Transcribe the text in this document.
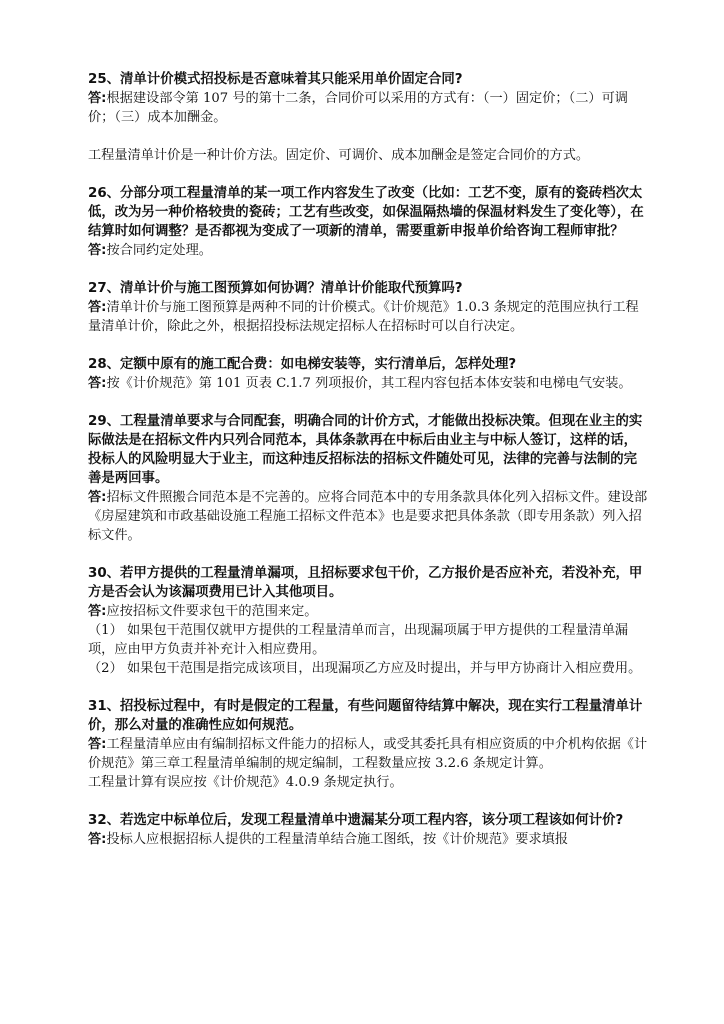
25、清单计价模式招投标是否意味着其只能采用单价固定合同?

答:根据建设部令第 107 号的第十二条，合同价可以采用的方式有：（一）固定价；（二）可调价；（三）成本加酬金。

工程量清单计价是一种计价方法。固定价、可调价、成本加酬金是签定合同价的方式。

26、分部分项工程量清单的某一项工作内容发生了改变（比如：工艺不变，原有的瓷砖档次太低，改为另一种价格较贵的瓷砖；工艺有些改变，如保温隔热墙的保温材料发生了变化等），在结算时如何调整？是否都视为变成了一项新的清单，需要重新申报单价给咨询工程师审批？

答:按合同约定处理。

27、清单计价与施工图预算如何协调？清单计价能取代预算吗?

答:清单计价与施工图预算是两种不同的计价模式。《计价规范》1.0.3 条规定的范围应执行工程量清单计价，除此之外，根据招投标法规定招标人在招标时可以自行决定。

28、定额中原有的施工配合费：如电梯安装等，实行清单后，怎样处理?

答:按《计价规范》第 101 页表 C.1.7 列项报价，其工程内容包括本体安装和电梯电气安装。

29、工程量清单要求与合同配套，明确合同的计价方式，才能做出投标决策。但现在业主的实际做法是在招标文件内只列合同范本，具体条款再在中标后由业主与中标人签订，这样的话，投标人的风险明显大于业主，而这种违反招标法的招标文件随处可见，法律的完善与法制的完善是两回事。

答:招标文件照搬合同范本是不完善的。应将合同范本中的专用条款具体化列入招标文件。建设部《房屋建筑和市政基础设施工程施工招标文件范本》也是要求把具体条款（即专用条款）列入招标文件。

30、若甲方提供的工程量清单漏项，且招标要求包干价，乙方报价是否应补充，若没补充，甲方是否会认为该漏项费用已计入其他项目。

答:应按招标文件要求包干的范围来定。

（1） 如果包干范围仅就甲方提供的工程量清单而言，出现漏项属于甲方提供的工程量清单漏项，应由甲方负责并补充计入相应费用。

（2） 如果包干范围是指完成该项目，出现漏项乙方应及时提出，并与甲方协商计入相应费用。

31、招投标过程中，有时是假定的工程量，有些问题留待结算中解决，现在实行工程量清单计价，那么对量的准确性应如何规范。

答:工程量清单应由有编制招标文件能力的招标人，或受其委托具有相应资质的中介机构依据《计价规范》第三章工程量清单编制的规定编制，工程数量应按 3.2.6 条规定计算。

工程量计算有误应按《计价规范》4.0.9 条规定执行。

32、若选定中标单位后，发现工程量清单中遗漏某分项工程内容，该分项工程该如何计价?

答:投标人应根据招标人提供的工程量清单结合施工图纸，按《计价规范》要求填报
